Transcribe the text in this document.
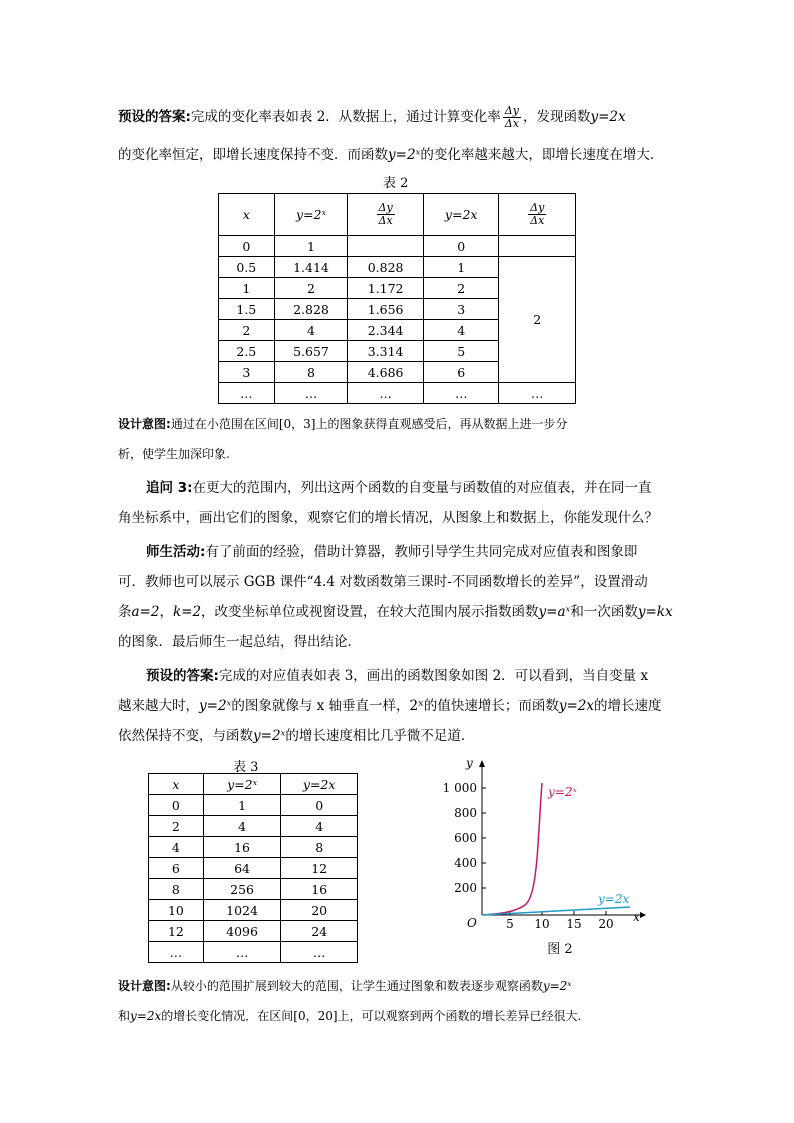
预设的答案:完成的变化率表如表 2．从数据上，通过计算变化率 $\frac{\Delta y}{\Delta x}$ ，发现函数y=2x
的变化率恒定，即增长速度保持不变．而函数y=2ˣ的变化率越来越大，即增长速度在增大．
表 2
x	y=2ˣ	$\frac{\Delta y}{\Delta x}$	y=2x	$\frac{\Delta y}{\Delta x}$

0	1		0	
0.5	1.414	0.828	1	2
1	2	1.172	2	
1.5	2.828	1.656	3	
2	4	2.344	4	
2.5	5.657	3.314	5	
3	8	4.686	6	
…	…	…	…	…
设计意图:通过在小范围在区间[0，3]上的图象获得直观感受后，再从数据上进一步分
析，使学生加深印象.
追问 3:在更大的范围内，列出这两个函数的自变量与函数值的对应值表，并在同一直
角坐标系中，画出它们的图象，观察它们的增长情况，从图象上和数据上，你能发现什么？
师生活动:有了前面的经验，借助计算器，教师引导学生共同完成对应值表和图象即
可．教师也可以展示 GGB 课件“4.4 对数函数第三课时-不同函数增长的差异”，设置滑动
条a=2，k=2，改变坐标单位或视窗设置，在较大范围内展示指数函数y=aˣ和一次函数y=kx
的图象．最后师生一起总结，得出结论．
预设的答案:完成的对应值表如表 3，画出的函数图象如图 2．可以看到，当自变量 x
越来越大时，y=2ˣ的图象就像与 x 轴垂直一样，2ˣ的值快速增长；而函数y=2x的增长速度
依然保持不变，与函数y=2ˣ的增长速度相比几乎微不足道．
表 3
x	y=2ˣ	y=2x
0	1	0
2	4	4
4	16	8
6	64	12
8	256	16
10	1024	20
12	4096	24
…	…	…
y
x
O
1 000
800
600
400
200
5 10 15 20
y=2ˣ
y=2x
图 2
设计意图:从较小的范围扩展到较大的范围，让学生通过图象和数表逐步观察函数y=2ˣ
和y=2x的增长变化情况．在区间[0，20]上，可以观察到两个函数的增长差异已经很大.
